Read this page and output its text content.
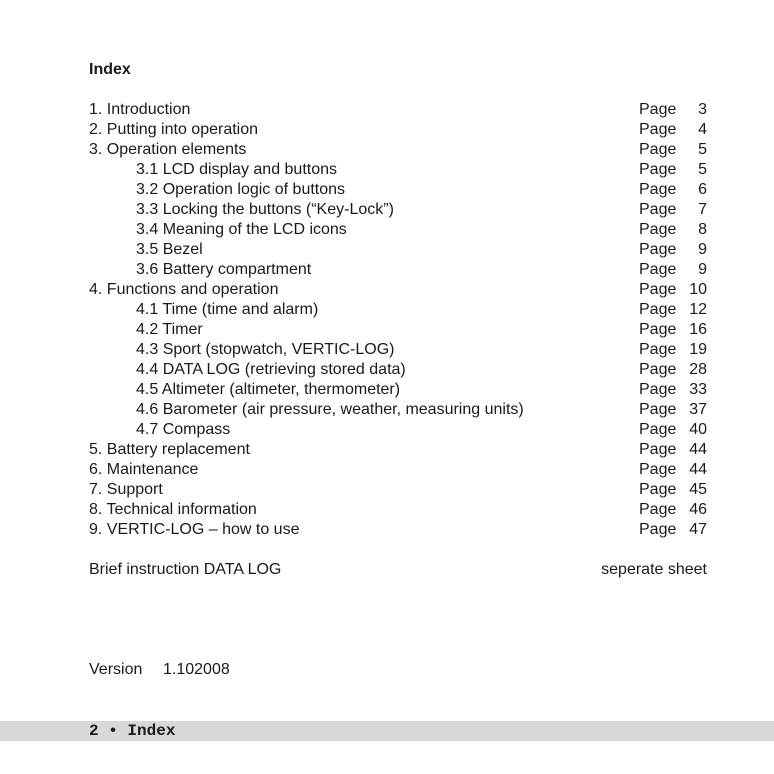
Index
1. Introduction	Page 3
2. Putting into operation	Page 4
3. Operation elements	Page 5
3.1 LCD display and buttons	Page 5
3.2 Operation logic of buttons	Page 6
3.3 Locking the buttons (“Key-Lock”)	Page 7
3.4 Meaning of the LCD icons	Page 8
3.5 Bezel	Page 9
3.6 Battery compartment	Page 9
4. Functions and operation	Page 10
4.1 Time (time and alarm)	Page 12
4.2 Timer	Page 16
4.3 Sport (stopwatch, VERTIC-LOG)	Page 19
4.4 DATA LOG (retrieving stored data)	Page 28
4.5 Altimeter (altimeter, thermometer)	Page 33
4.6 Barometer (air pressure, weather, measuring units)	Page 37
4.7 Compass	Page 40
5. Battery replacement	Page 44
6. Maintenance	Page 44
7. Support	Page 45
8. Technical information	Page 46
9. VERTIC-LOG – how to use	Page 47
Brief instruction DATA LOG	seperate sheet
Version 1.102008
2 • Index
